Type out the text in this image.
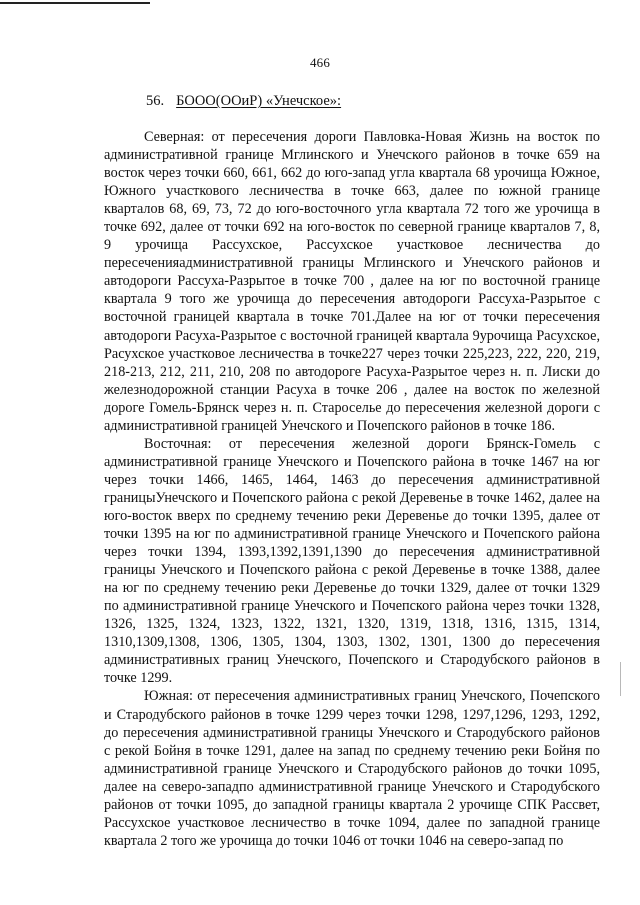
466
56. БООО(ООиР) «Унечское»:

Северная: от пересечения дороги Павловка-Новая Жизнь на восток по административной границе Мглинского и Унечского районов в точке 659 на восток через точки 660, 661, 662 до юго-запад угла квартала 68 урочища Южное, Южного участкового лесничества в точке 663, далее по южной границе кварталов 68, 69, 73, 72 до юго-восточного угла квартала 72 того же урочища в точке 692, далее от точки 692 на юго-восток по северной границе кварталов 7, 8, 9 урочища Рассухское, Рассухское участковое лесничества до пересеченияадминистративной границы Мглинского и Унечского районов и автодороги Рассуха-Разрытое в точке 700 , далее на юг по восточной границе квартала 9 того же урочища до пересечения автодороги Рассуха-Разрытое с восточной границей квартала в точке 701.Далее на юг от точки пересечения автодороги Расуха-Разрытое с восточной границей квартала 9урочища Расухское, Расухское участковое лесничества в точке227 через точки 225,223, 222, 220, 219, 218-213, 212, 211, 210, 208 по автодороге Расуха-Разрытое через н. п. Лиски до железнодорожной станции Расуха в точке 206 , далее на восток по железной дороге Гомель-Брянск через н. п. Староселье до пересечения железной дороги с административной границей Унечского и Почепского районов в точке 186.

Восточная: от пересечения железной дороги Брянск-Гомель с административной границе Унечского и Почепского района в точке 1467 на юг через точки 1466, 1465, 1464, 1463 до пересечения административной границыУнечского и Почепского района с рекой Деревенье в точке 1462, далее на юго-восток вверх по среднему течению реки Деревенье до точки 1395, далее от точки 1395 на юг по административной границе Унечского и Почепского района через точки 1394, 1393,1392,1391,1390 до пересечения административной границы Унечского и Почепского района с рекой Деревенье в точке 1388, далее на юг по среднему течению реки Деревенье до точки 1329, далее от точки 1329 по административной границе Унечского и Почепского района через точки 1328, 1326, 1325, 1324, 1323, 1322, 1321, 1320, 1319, 1318, 1316, 1315, 1314, 1310,1309,1308, 1306, 1305, 1304, 1303, 1302, 1301, 1300 до пересечения административных границ Унечского, Почепского и Стародубского районов в точке 1299.

Южная: от пересечения административных границ Унечского, Почепского и Стародубского районов в точке 1299 через точки 1298, 1297,1296, 1293, 1292, до пересечения административной границы Унечского и Стародубского районов с рекой Бойня в точке 1291, далее на запад по среднему течению реки Бойня по административной границе Унечского и Стародубского районов до точки 1095, далее на северо-западпо административной границе Унечского и Стародубского районов от точки 1095, до западной границы квартала 2 урочище СПК Рассвет, Рассухское участковое лесничество в точке 1094, далее по западной границе квартала 2 того же урочища до точки 1046 от точки 1046 на северо-запад по
